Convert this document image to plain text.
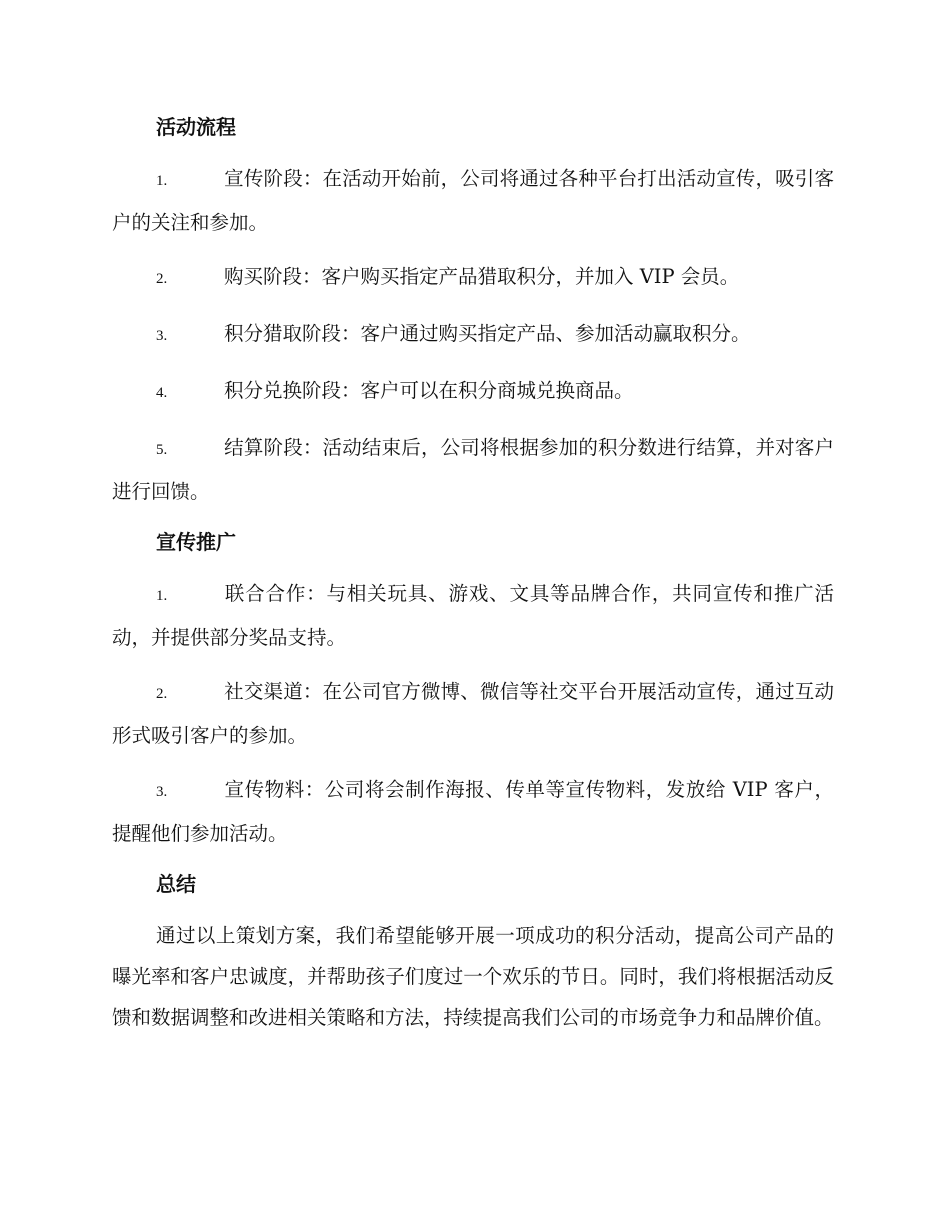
活动流程
1.	宣传阶段：在活动开始前，公司将通过各种平台打出活动宣传，吸引客户的关注和参加。
2.	购买阶段：客户购买指定产品猎取积分，并加入 VIP 会员。
3.	积分猎取阶段：客户通过购买指定产品、参加活动赢取积分。
4.	积分兑换阶段：客户可以在积分商城兑换商品。
5.	结算阶段：活动结束后，公司将根据参加的积分数进行结算，并对客户进行回馈。
宣传推广
1.	联合合作：与相关玩具、游戏、文具等品牌合作，共同宣传和推广活动，并提供部分奖品支持。
2.	社交渠道：在公司官方微博、微信等社交平台开展活动宣传，通过互动形式吸引客户的参加。
3.	宣传物料：公司将会制作海报、传单等宣传物料，发放给 VIP 客户，提醒他们参加活动。
总结

通过以上策划方案，我们希望能够开展一项成功的积分活动，提高公司产品的曝光率和客户忠诚度，并帮助孩子们度过一个欢乐的节日。同时，我们将根据活动反馈和数据调整和改进相关策略和方法，持续提高我们公司的市场竞争力和品牌价值。
